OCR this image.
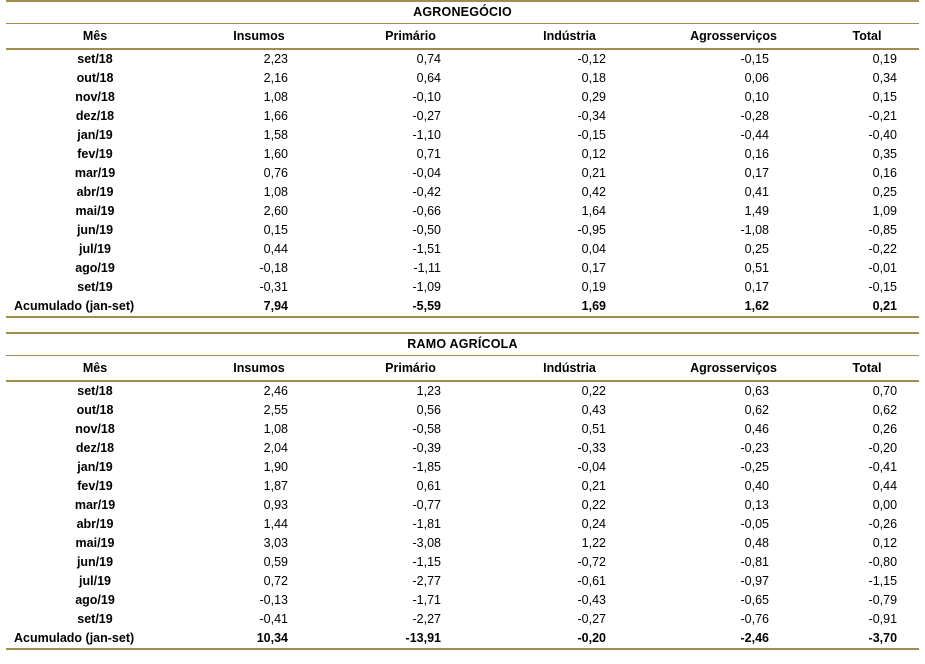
AGRONEGÓCIO					
Mês	Insumos	Primário	Indústria	Agrosserviços	Total
set/18	2,23	0,74	-0,12	-0,15	0,19
out/18	2,16	0,64	0,18	0,06	0,34
nov/18	1,08	-0,10	0,29	0,10	0,15
dez/18	1,66	-0,27	-0,34	-0,28	-0,21
jan/19	1,58	-1,10	-0,15	-0,44	-0,40
fev/19	1,60	0,71	0,12	0,16	0,35
mar/19	0,76	-0,04	0,21	0,17	0,16
abr/19	1,08	-0,42	0,42	0,41	0,25
mai/19	2,60	-0,66	1,64	1,49	1,09
jun/19	0,15	-0,50	-0,95	-1,08	-0,85
jul/19	0,44	-1,51	0,04	0,25	-0,22
ago/19	-0,18	-1,11	0,17	0,51	-0,01
set/19	-0,31	-1,09	0,19	0,17	-0,15
Acumulado (jan-set)	7,94	-5,59	1,69	1,62	0,21
RAMO AGRÍCOLA					
Mês	Insumos	Primário	Indústria	Agrosserviços	Total
set/18	2,46	1,23	0,22	0,63	0,70
out/18	2,55	0,56	0,43	0,62	0,62
nov/18	1,08	-0,58	0,51	0,46	0,26
dez/18	2,04	-0,39	-0,33	-0,23	-0,20
jan/19	1,90	-1,85	-0,04	-0,25	-0,41
fev/19	1,87	0,61	0,21	0,40	0,44
mar/19	0,93	-0,77	0,22	0,13	0,00
abr/19	1,44	-1,81	0,24	-0,05	-0,26
mai/19	3,03	-3,08	1,22	0,48	0,12
jun/19	0,59	-1,15	-0,72	-0,81	-0,80
jul/19	0,72	-2,77	-0,61	-0,97	-1,15
ago/19	-0,13	-1,71	-0,43	-0,65	-0,79
set/19	-0,41	-2,27	-0,27	-0,76	-0,91
Acumulado (jan-set)	10,34	-13,91	-0,20	-2,46	-3,70
